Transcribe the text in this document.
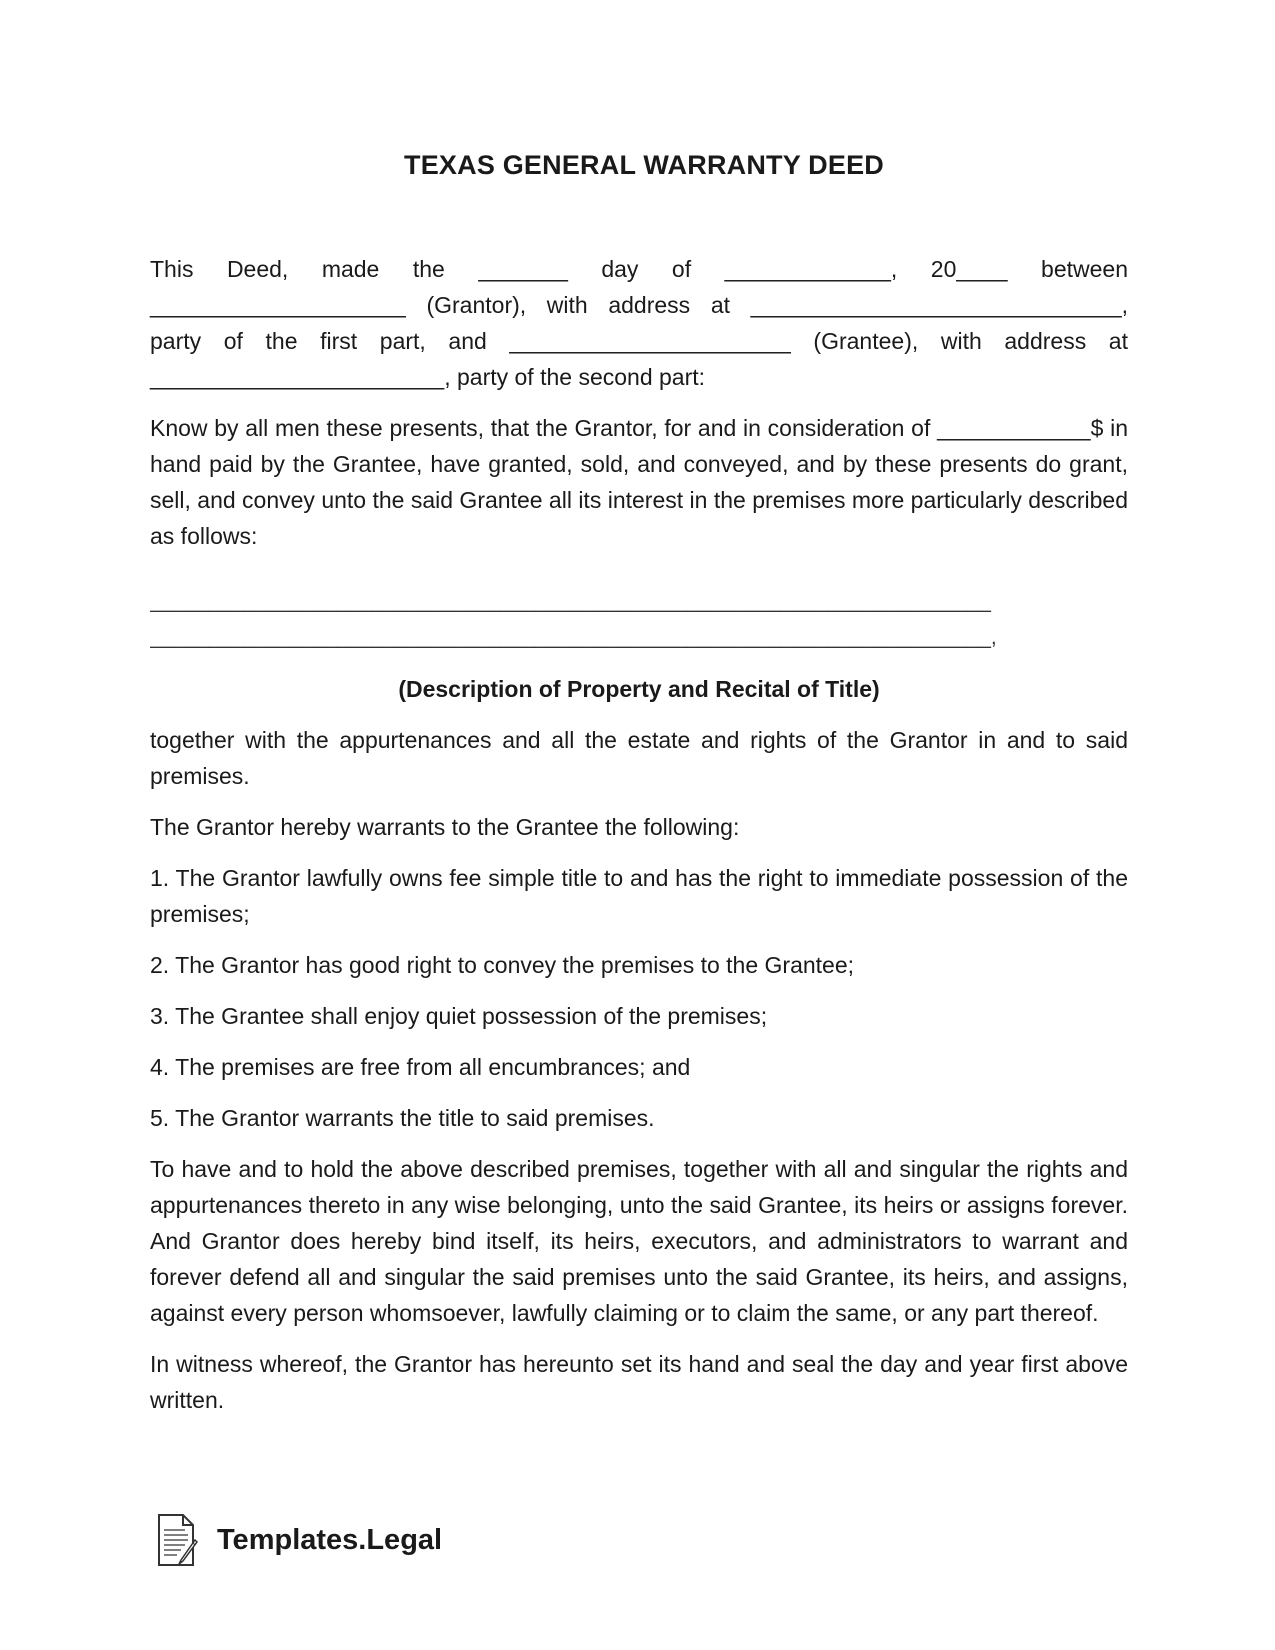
TEXAS GENERAL WARRANTY DEED

This Deed, made the _______ day of _____________, 20____ between

____________________ (Grantor), with address at _____________________________,

party of the first part, and ______________________ (Grantee), with address at

_______________________, party of the second part:

Know by all men these presents, that the Grantor, for and in consideration of ____________$ in hand paid by the Grantee, have granted, sold, and conveyed, and by these presents do grant, sell, and convey unto the said Grantee all its interest in the premises more particularly described as follows:

________________________________________________________________________
________________________________________________________________________,
(Description of Property and Recital of Title)

together with the appurtenances and all the estate and rights of the Grantor in and to said premises.

The Grantor hereby warrants to the Grantee the following:

1. The Grantor lawfully owns fee simple title to and has the right to immediate possession of the premises;

2. The Grantor has good right to convey the premises to the Grantee;

3. The Grantee shall enjoy quiet possession of the premises;

4. The premises are free from all encumbrances; and

5. The Grantor warrants the title to said premises.

To have and to hold the above described premises, together with all and singular the rights and appurtenances thereto in any wise belonging, unto the said Grantee, its heirs or assigns forever. And Grantor does hereby bind itself, its heirs, executors, and administrators to warrant and forever defend all and singular the said premises unto the said Grantee, its heirs, and assigns, against every person whomsoever, lawfully claiming or to claim the same, or any part thereof.

In witness whereof, the Grantor has hereunto set its hand and seal the day and year first above written.

Templates.Legal
